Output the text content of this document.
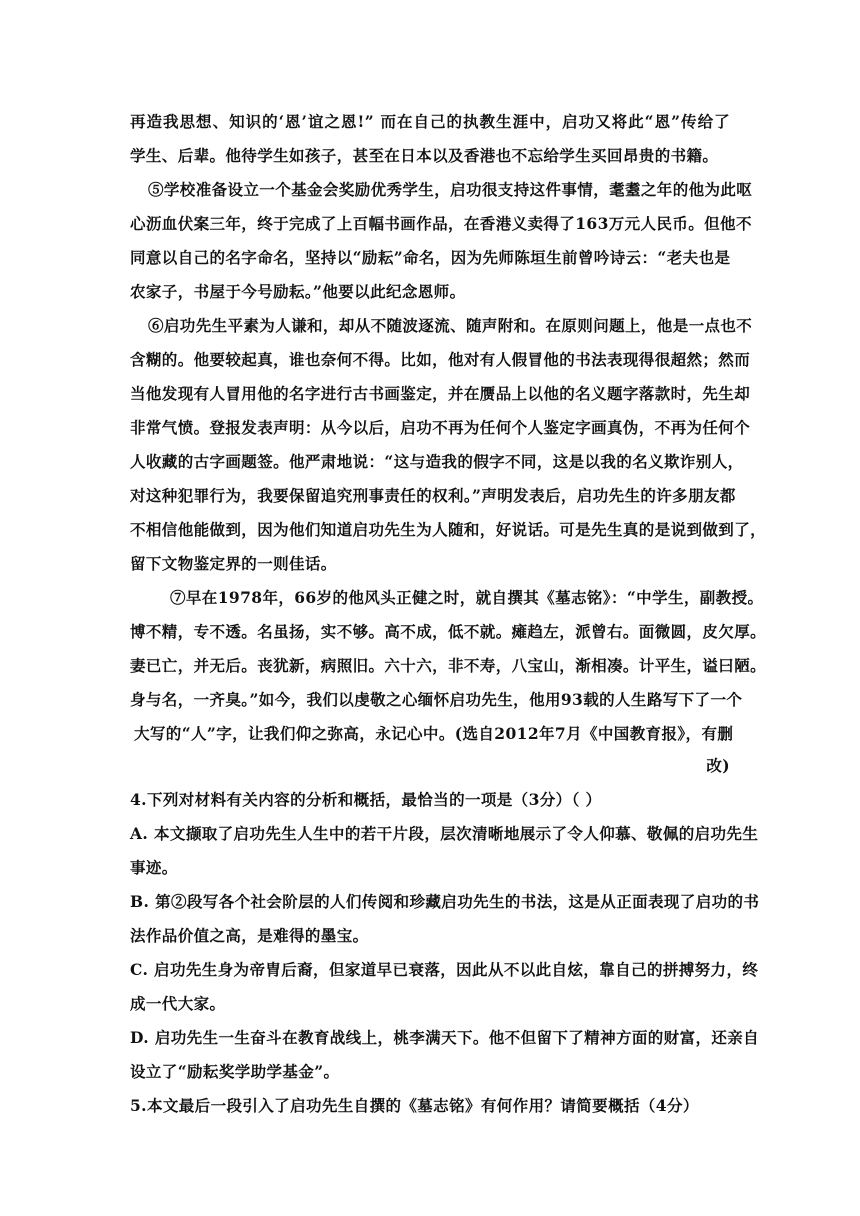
再造我思想、知识的‘恩’谊之恩!” 而在自己的执教生涯中，启功又将此“恩”传给了
学生、后辈。他待学生如孩子，甚至在日本以及香港也不忘给学生买回昂贵的书籍。
⑤学校准备设立一个基金会奖励优秀学生，启功很支持这件事情，耄耋之年的他为此呕
心沥血伏案三年，终于完成了上百幅书画作品，在香港义卖得了163万元人民币。但他不
同意以自己的名字命名，坚持以“励耘”命名，因为先师陈垣生前曾吟诗云：“老夫也是
农家子，书屋于今号励耘。”他要以此纪念恩师。
⑥启功先生平素为人谦和，却从不随波逐流、随声附和。在原则问题上，他是一点也不
含糊的。他要较起真，谁也奈何不得。比如，他对有人假冒他的书法表现得很超然；然而
当他发现有人冒用他的名字进行古书画鉴定，并在赝品上以他的名义题字落款时，先生却
非常气愤。登报发表声明：从今以后，启功不再为任何个人鉴定字画真伪，不再为任何个
人收藏的古字画题签。他严肃地说：“这与造我的假字不同，这是以我的名义欺诈别人，
对这种犯罪行为，我要保留追究刑事责任的权利。”声明发表后，启功先生的许多朋友都
不相信他能做到，因为他们知道启功先生为人随和，好说话。可是先生真的是说到做到了，
留下文物鉴定界的一则佳话。
⑦早在1978年，66岁的他风头正健之时，就自撰其《墓志铭》：“中学生，副教授。
博不精，专不透。名虽扬，实不够。高不成，低不就。瘫趋左，派曾右。面微圆，皮欠厚。
妻已亡，并无后。丧犹新，病照旧。六十六，非不寿，八宝山，渐相凑。计平生，谥曰陋。
身与名，一齐臭。”如今，我们以虔敬之心缅怀启功先生，他用93载的人生路写下了一个
大写的“人”字，让我们仰之弥高，永记心中。(选自2012年7月《中国教育报》，有删
改)
4.下列对材料有关内容的分析和概括，最恰当的一项是（3分）（ ）
A. 本文撷取了启功先生人生中的若干片段，层次清晰地展示了令人仰慕、敬佩的启功先生
事迹。
B. 第②段写各个社会阶层的人们传阅和珍藏启功先生的书法，这是从正面表现了启功的书
法作品价值之高，是难得的墨宝。
C. 启功先生身为帝胄后裔，但家道早已衰落，因此从不以此自炫，靠自己的拼搏努力，终
成一代大家。
D. 启功先生一生奋斗在教育战线上，桃李满天下。他不但留下了精神方面的财富，还亲自
设立了“励耘奖学助学基金”。
5.本文最后一段引入了启功先生自撰的《墓志铭》有何作用？请简要概括（4分）
